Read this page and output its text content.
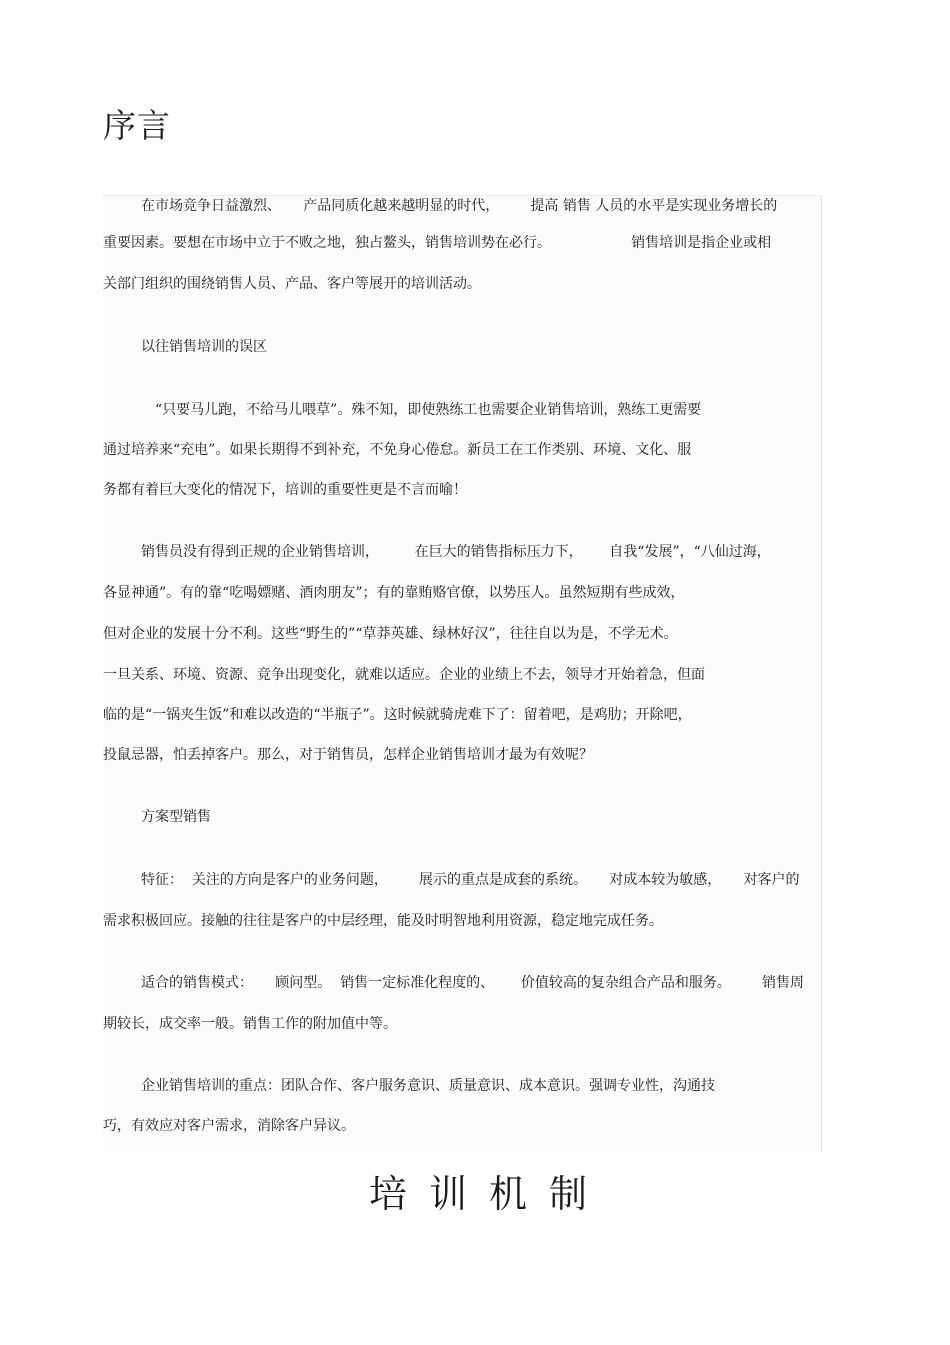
序言
在市场竞争日益激烈、     产品同质化越来越明显的时代，       提高 销售 人员的水平是实现业务增长的
重要因素。要想在市场中立于不败之地，独占鳌头，销售培训势在必行。                  销售培训是指企业或相
关部门组织的围绕销售人员、产品、客户等展开的培训活动。
以往销售培训的误区
“只要马儿跑，不给马儿喂草”。殊不知，即使熟练工也需要企业销售培训，熟练工更需要
通过培养来“充电”。如果长期得不到补充，不免身心倦怠。新员工在工作类别、环境、文化、服
务都有着巨大变化的情况下，培训的重要性更是不言而喻！
销售员没有得到正规的企业销售培训，        在巨大的销售指标压力下，      自我“发展”，“八仙过海，
各显神通”。有的靠“吃喝嫖赌、酒肉朋友”；有的靠贿赂官僚，以势压人。虽然短期有些成效，
但对企业的发展十分不利。这些“野生的”“草莽英雄、绿林好汉”，往往自以为是，不学无术。
一旦关系、环境、资源、竞争出现变化，就难以适应。企业的业绩上不去，领导才开始着急，但面
临的是“一锅夹生饭”和难以改造的“半瓶子”。这时候就骑虎难下了：留着吧，是鸡肋；开除吧，
投鼠忌器，怕丢掉客户。那么，对于销售员，怎样企业销售培训才最为有效呢？
方案型销售
特征：  关注的方向是客户的业务问题，       展示的重点是成套的系统。     对成本较为敏感，     对客户的
需求积极回应。接触的往往是客户的中层经理，能及时明智地利用资源，稳定地完成任务。
适合的销售模式：     顾问型。  销售一定标准化程度的、      价值较高的复杂组合产品和服务。       销售周
期较长，成交率一般。销售工作的附加值中等。
企业销售培训的重点：团队合作、客户服务意识、质量意识、成本意识。强调专业性，沟通技
巧，有效应对客户需求，消除客户异议。
培训机制
